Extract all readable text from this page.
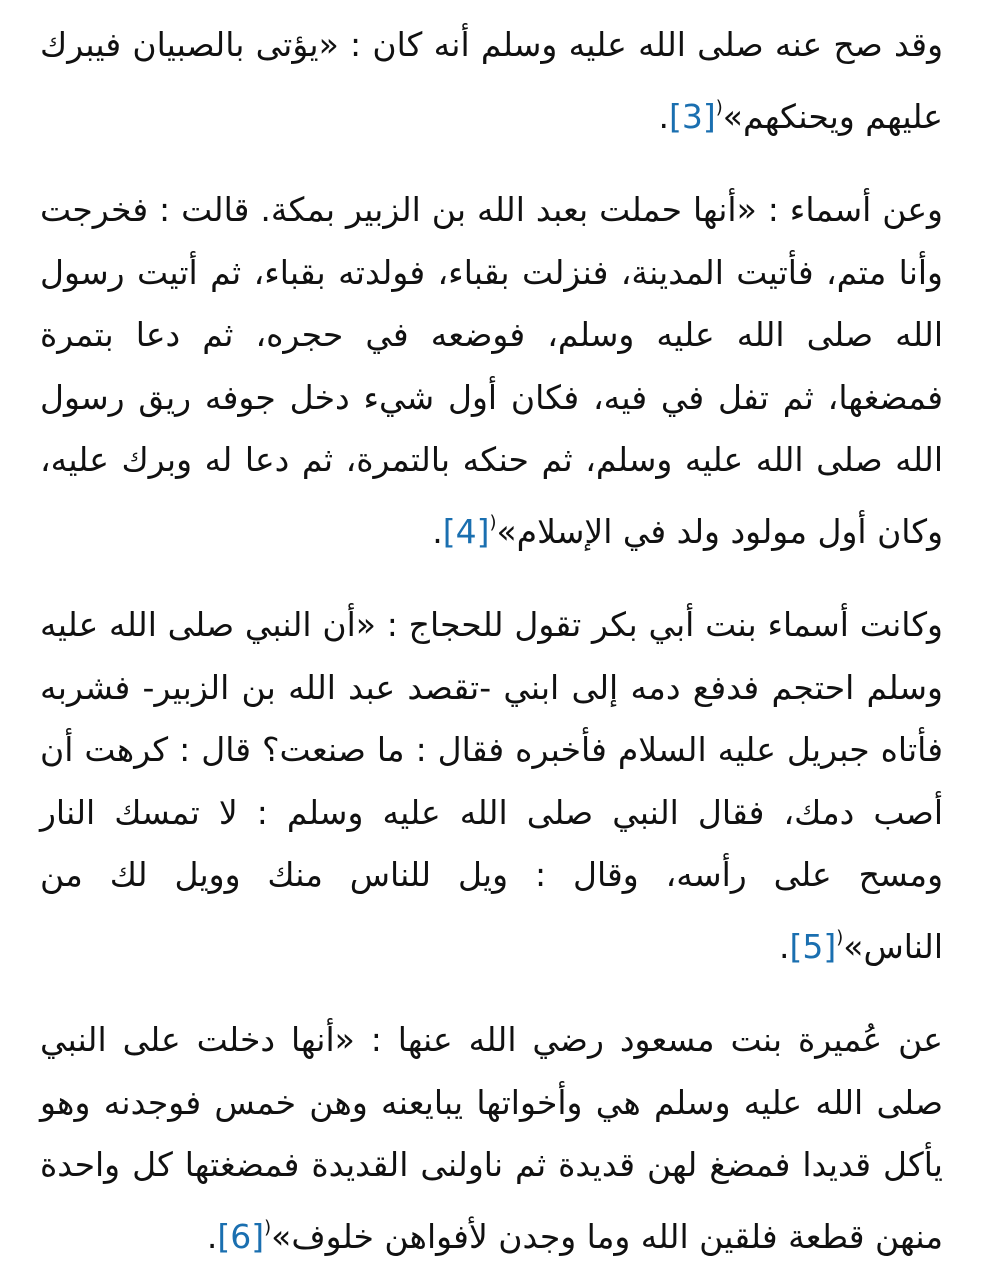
وقد صح عنه صلى الله عليه وسلم أنه كان : «يؤتى بالصبيان فيبرك عليهم ويحنكهم»([3].

وعن أسماء : «أنها حملت بعبد الله بن الزبير بمكة. قالت : فخرجت وأنا متم، فأتيت المدينة، فنزلت بقباء، فولدته بقباء، ثم أتيت رسول الله صلى الله عليه وسلم، فوضعه في حجره، ثم دعا بتمرة فمضغها، ثم تفل في فيه، فكان أول شيء دخل جوفه ريق رسول الله صلى الله عليه وسلم، ثم حنكه بالتمرة، ثم دعا له وبرك عليه، وكان أول مولود ولد في الإسلام»([4].

وكانت أسماء بنت أبي بكر تقول للحجاج : «أن النبي صلى الله عليه وسلم احتجم فدفع دمه إلى ابني -تقصد عبد الله بن الزبير- فشربه فأتاه جبريل عليه السلام فأخبره فقال : ما صنعت؟ قال : كرهت أن أصب دمك، فقال النبي صلى الله عليه وسلم : لا تمسك النار ومسح على رأسه، وقال : ويل للناس منك وويل لك من الناس»([5].

عن عُميرة بنت مسعود رضي الله عنها : «أنها دخلت على النبي صلى الله عليه وسلم هي وأخواتها يبايعنه وهن خمس فوجدنه وهو يأكل قديدا فمضغ لهن قديدة ثم ناولنى القديدة فمضغتها كل واحدة منهن قطعة فلقين الله وما وجدن لأفواهن خلوف»([6].
